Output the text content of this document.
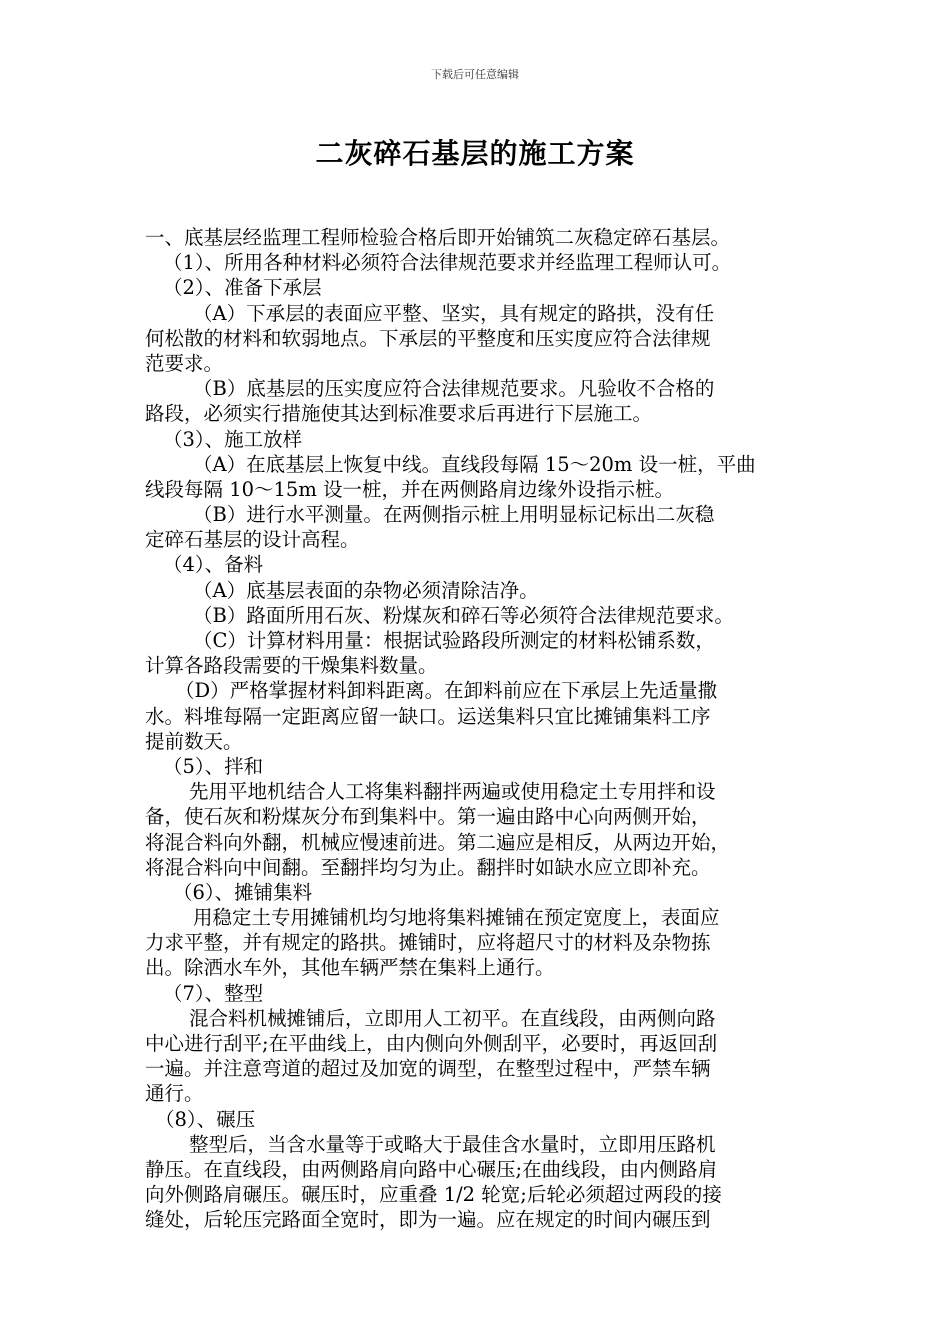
下载后可任意编辑
二灰碎石基层的施工方案
一、底基层经监理工程师检验合格后即开始铺筑二灰稳定碎石基层。
（1）、所用各种材料必须符合法律规范要求并经监理工程师认可。
（2）、准备下承层
（A）下承层的表面应平整、坚实，具有规定的路拱，没有任
何松散的材料和软弱地点。下承层的平整度和压实度应符合法律规
范要求。
（B）底基层的压实度应符合法律规范要求。凡验收不合格的
路段，必须实行措施使其达到标准要求后再进行下层施工。
（3）、施工放样
（A）在底基层上恢复中线。直线段每隔 15～20m 设一桩，平曲
线段每隔 10～15m 设一桩，并在两侧路肩边缘外设指示桩。
（B）进行水平测量。在两侧指示桩上用明显标记标出二灰稳
定碎石基层的设计高程。
（4）、备料
（A）底基层表面的杂物必须清除洁净。
（B）路面所用石灰、粉煤灰和碎石等必须符合法律规范要求。
（C）计算材料用量：根据试验路段所测定的材料松铺系数，
计算各路段需要的干燥集料数量。
（D）严格掌握材料卸料距离。在卸料前应在下承层上先适量撒
水。料堆每隔一定距离应留一缺口。运送集料只宜比摊铺集料工序
提前数天。
（5）、拌和
先用平地机结合人工将集料翻拌两遍或使用稳定土专用拌和设
备，使石灰和粉煤灰分布到集料中。第一遍由路中心向两侧开始，
将混合料向外翻，机械应慢速前进。第二遍应是相反，从两边开始，
将混合料向中间翻。至翻拌均匀为止。翻拌时如缺水应立即补充。
（6）、摊铺集料
用稳定土专用摊铺机均匀地将集料摊铺在预定宽度上，表面应
力求平整，并有规定的路拱。摊铺时，应将超尺寸的材料及杂物拣
出。除洒水车外，其他车辆严禁在集料上通行。
（7）、整型
混合料机械摊铺后，立即用人工初平。在直线段，由两侧向路
中心进行刮平;在平曲线上，由内侧向外侧刮平，必要时，再返回刮
一遍。并注意弯道的超过及加宽的调型，在整型过程中，严禁车辆
通行。
（8）、碾压
整型后，当含水量等于或略大于最佳含水量时，立即用压路机
静压。在直线段，由两侧路肩向路中心碾压;在曲线段，由内侧路肩
向外侧路肩碾压。碾压时，应重叠 1/2 轮宽;后轮必须超过两段的接
缝处，后轮压完路面全宽时，即为一遍。应在规定的时间内碾压到
